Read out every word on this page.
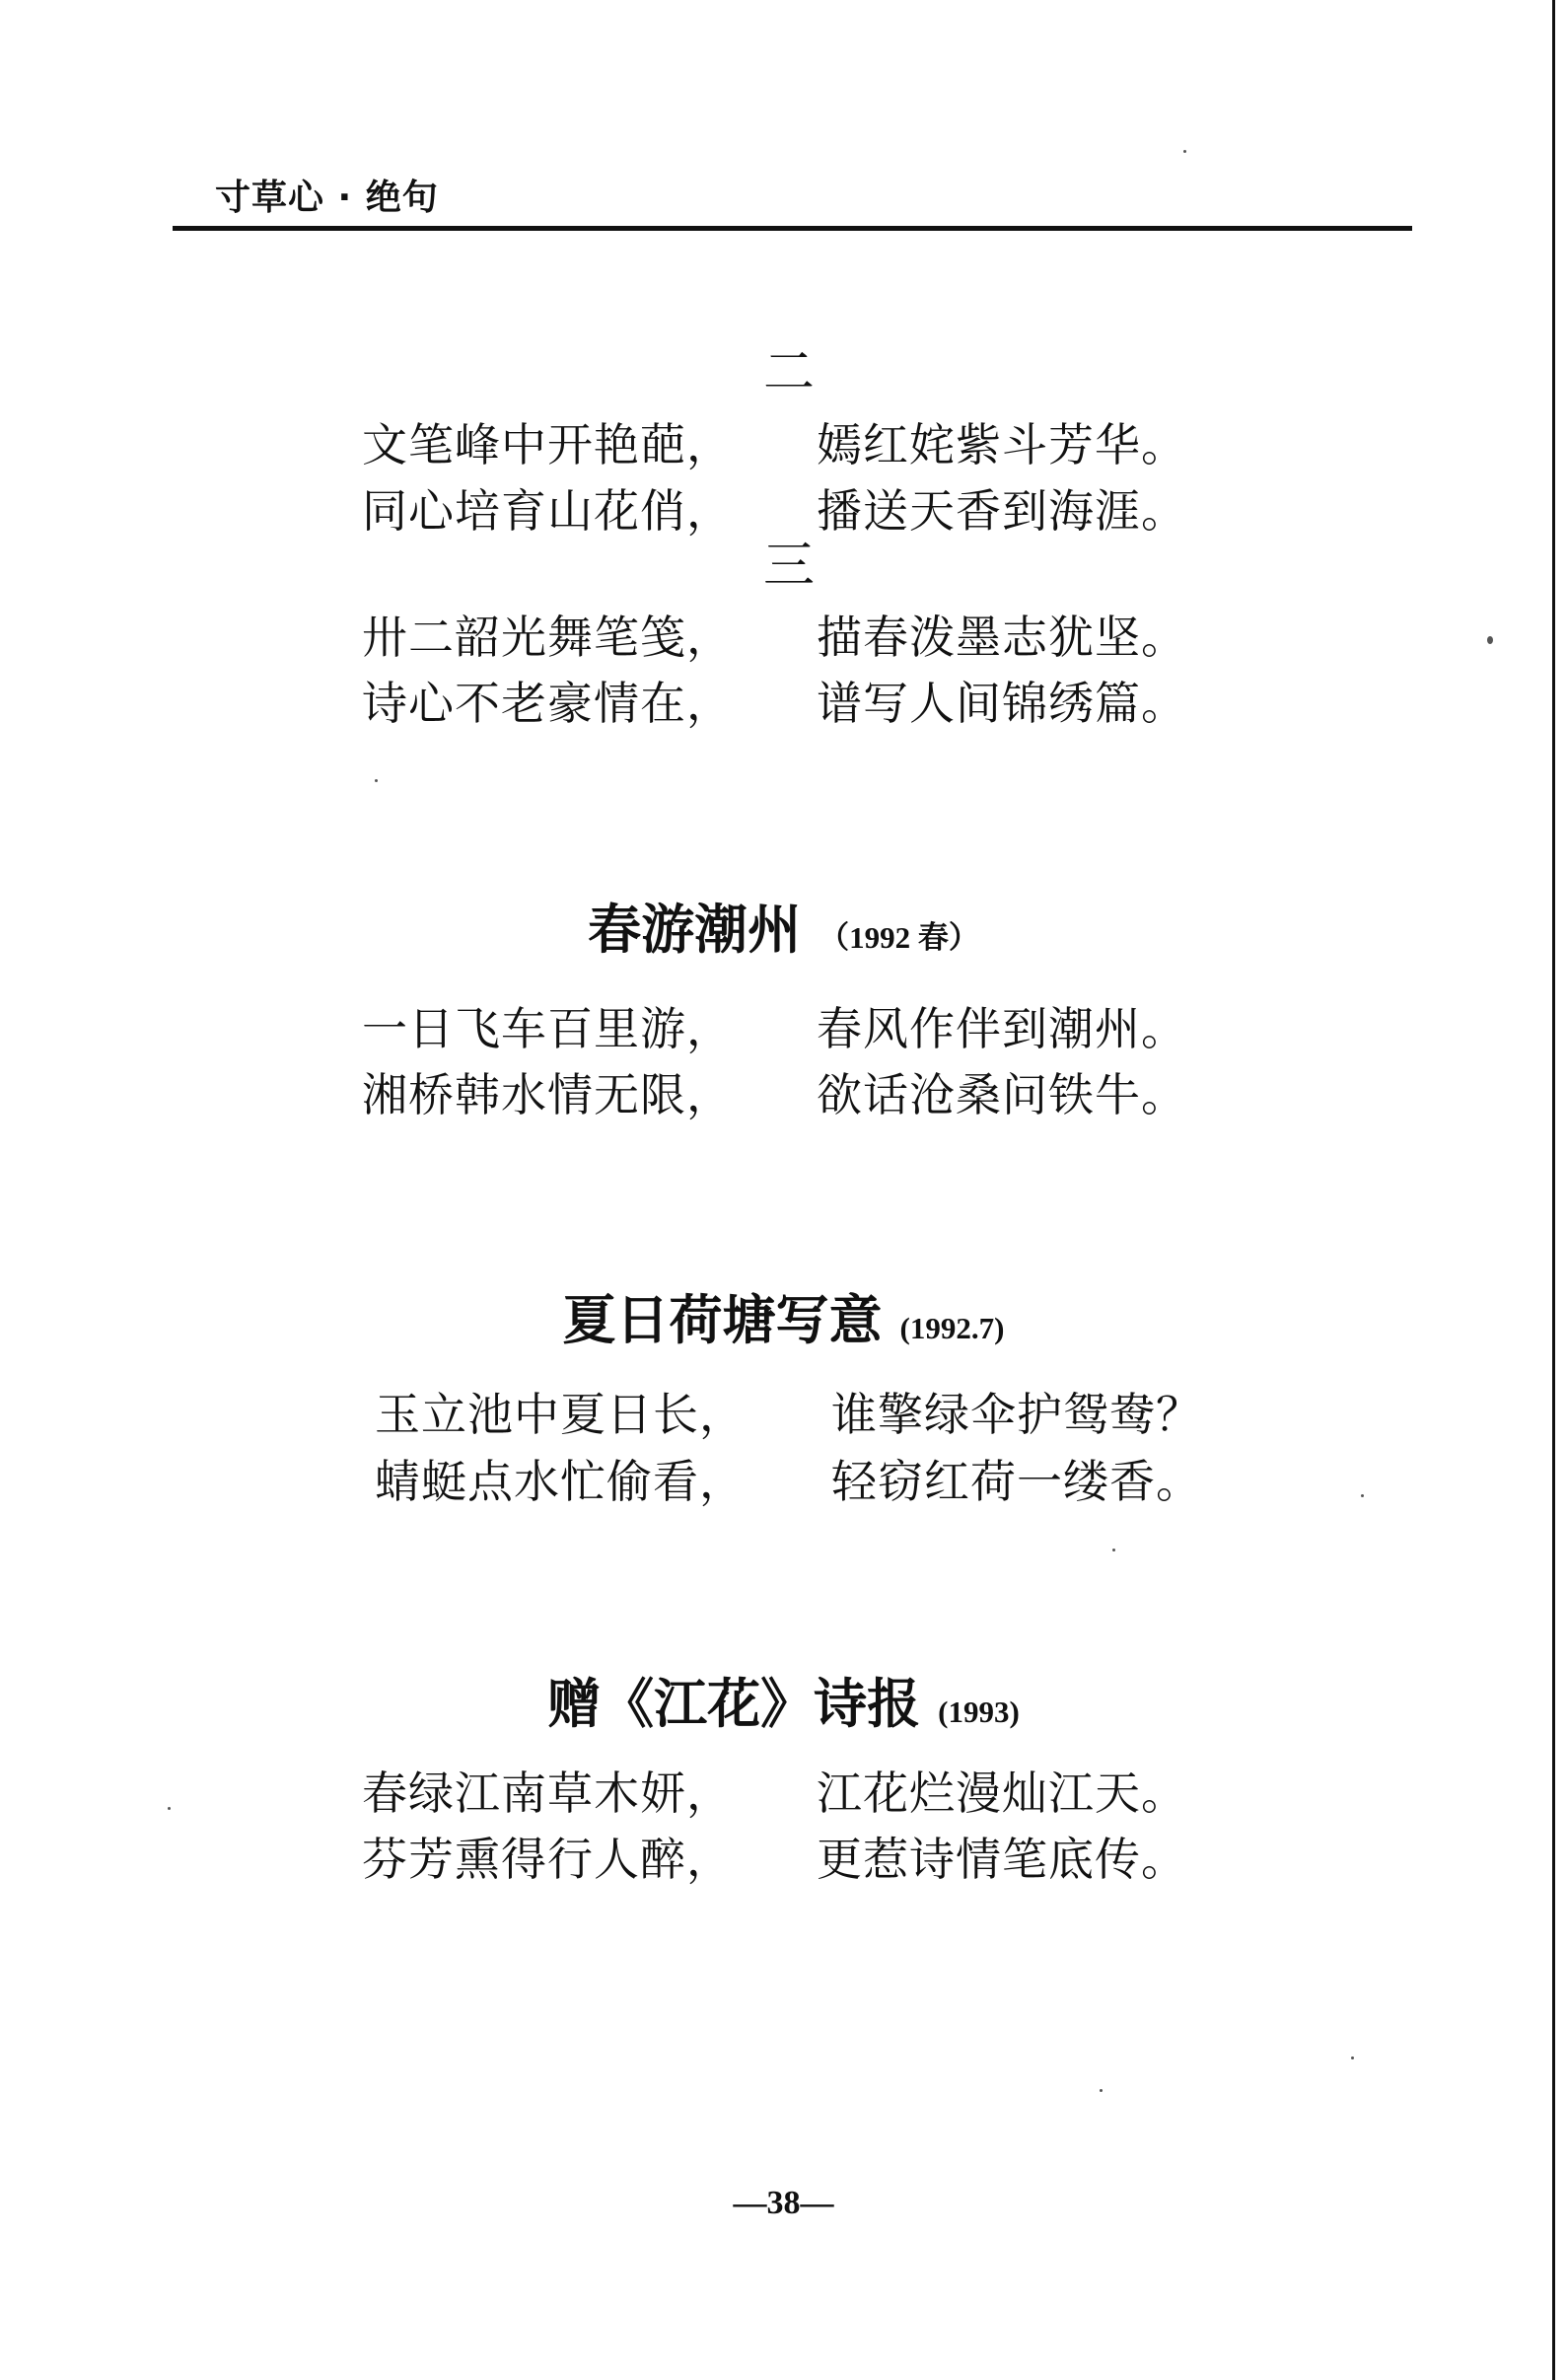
寸草心 · 绝句
二
文笔峰中开艳葩， 嫣红姹紫斗芳华。
同心培育山花俏， 播送天香到海涯。
三
卅二韶光舞笔笺， 描春泼墨志犹坚。
诗心不老豪情在， 谱写人间锦绣篇。
春游潮州 （1992 春）
一日飞车百里游， 春风作伴到潮州。
湘桥韩水情无限， 欲话沧桑问铁牛。
夏日荷塘写意 (1992.7)
玉立池中夏日长， 谁擎绿伞护鸳鸯？
蜻蜓点水忙偷看， 轻窃红荷一缕香。
赠《江花》诗报 (1993)
春绿江南草木妍， 江花烂漫灿江天。
芬芳熏得行人醉， 更惹诗情笔底传。
—38—
